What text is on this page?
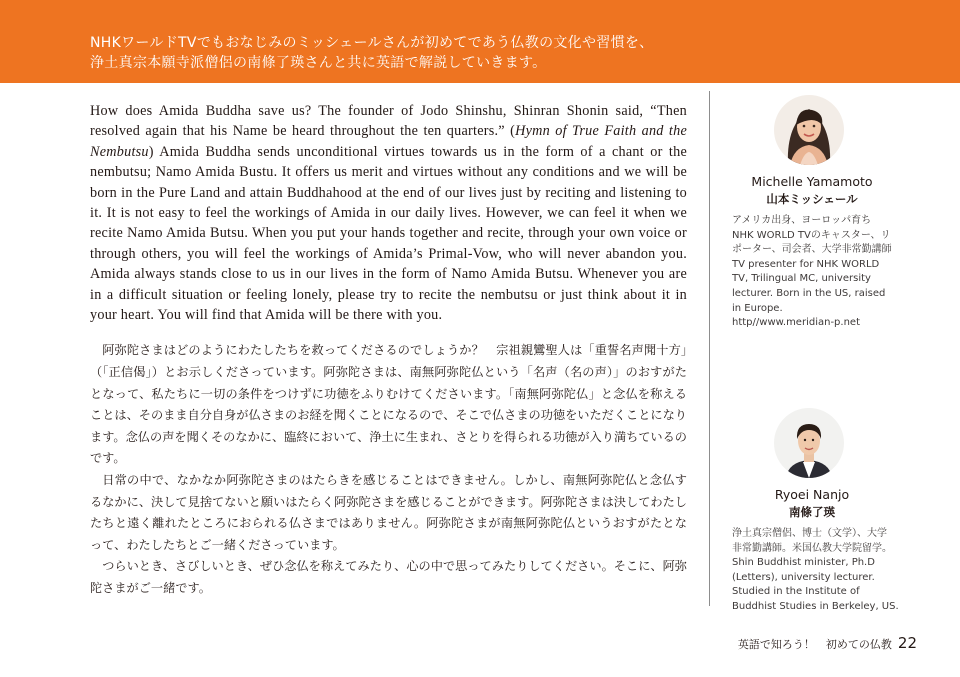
NHKワールドTVでもおなじみのミッシェールさんが初めてであう仏教の文化や習慣を、
浄土真宗本願寺派僧侶の南條了瑛さんと共に英語で解説していきます。

How does Amida Buddha save us? The founder of Jodo Shinshu, Shinran Shonin said, “Then resolved again that his Name be heard throughout the ten quarters.” (Hymn of True Faith and the Nembutsu) Amida Buddha sends unconditional virtues towards us in the form of a chant or the nembutsu; Namo Amida Bustu. It offers us merit and virtues without any conditions and we will be born in the Pure Land and attain Buddhahood at the end of our lives just by reciting and listening to it. It is not easy to feel the workings of Amida in our daily lives. However, we can feel it when we recite Namo Amida Butsu. When you put your hands together and recite, through your own voice or through others, you will feel the workings of Amida’s Primal-Vow, who will never abandon you. Amida always stands close to us in our lives in the form of Namo Amida Butsu. Whenever you are in a difficult situation or feeling lonely, please try to recite the nembutsu or just think about it in your heart. You will find that Amida will be there with you.

阿弥陀さまはどのようにわたしたちを救ってくださるのでしょうか？　宗祖親鸞聖人は「重誓名声聞十方」（「正信偈」）とお示しくださっています。阿弥陀さまは、南無阿弥陀仏という「名声（名の声）」のおすがたとなって、私たちに一切の条件をつけずに功徳をふりむけてくださいます。「南無阿弥陀仏」と念仏を称えることは、そのまま自分自身が仏さまのお経を聞くことになるので、そこで仏さまの功徳をいただくことになります。念仏の声を聞くそのなかに、臨終において、浄土に生まれ、さとりを得られる功徳が入り満ちているのです。

日常の中で、なかなか阿弥陀さまのはたらきを感じることはできません。しかし、南無阿弥陀仏と念仏するなかに、決して見捨てないと願いはたらく阿弥陀さまを感じることができます。阿弥陀さまは決してわたしたちと遠く離れたところにおられる仏さまではありません。阿弥陀さまが南無阿弥陀仏というおすがたとなって、わたしたちとご一緒くださっています。

つらいとき、さびしいとき、ぜひ念仏を称えてみたり、心の中で思ってみたりしてください。そこに、阿弥陀さまがご一緒です。

Michelle Yamamoto
山本ミッシェール
アメリカ出身、ヨーロッパ育ち
NHK WORLD TVのキャスター、リ
ポーター、司会者、大学非常勤講師
TV presenter for NHK WORLD
TV, Trilingual MC, university
lecturer. Born in the US, raised
in Europe.
http//www.meridian-p.net
Ryoei Nanjo
南條了瑛
浄土真宗僧侶、博士（文学）、大学
非常勤講師。米国仏教大学院留学。
Shin Buddhist minister, Ph.D
(Letters), university lecturer.
Studied in the Institute of
Buddhist Studies in Berkeley, US.
英語で知ろう！　初めての仏教 22
